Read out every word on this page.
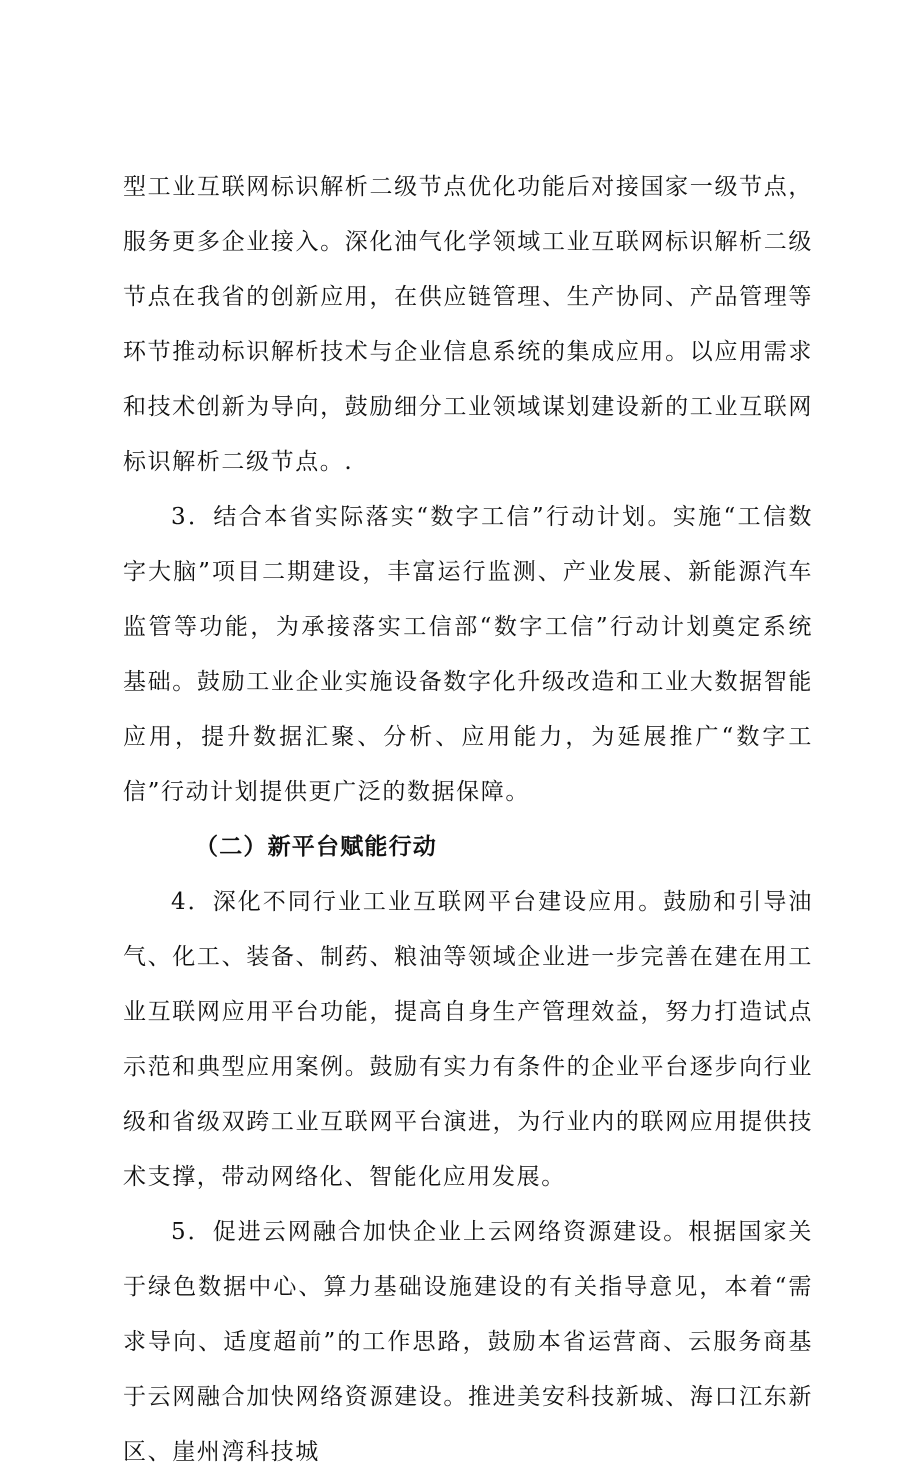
型工业互联网标识解析二级节点优化功能后对接国家一级节点，服务更多企业接入。深化油气化学领域工业互联网标识解析二级节点在我省的创新应用，在供应链管理、生产协同、产品管理等环节推动标识解析技术与企业信息系统的集成应用。以应用需求和技术创新为导向，鼓励细分工业领域谋划建设新的工业互联网标识解析二级节点。.

3．结合本省实际落实“数字工信”行动计划。实施“工信数字大脑”项目二期建设，丰富运行监测、产业发展、新能源汽车监管等功能，为承接落实工信部“数字工信”行动计划奠定系统基础。鼓励工业企业实施设备数字化升级改造和工业大数据智能应用，提升数据汇聚、分析、应用能力，为延展推广“数字工信”行动计划提供更广泛的数据保障。

（二）新平台赋能行动

4．深化不同行业工业互联网平台建设应用。鼓励和引导油气、化工、装备、制药、粮油等领域企业进一步完善在建在用工业互联网应用平台功能，提高自身生产管理效益，努力打造试点示范和典型应用案例。鼓励有实力有条件的企业平台逐步向行业级和省级双跨工业互联网平台演进，为行业内的联网应用提供技术支撑，带动网络化、智能化应用发展。

5．促进云网融合加快企业上云网络资源建设。根据国家关于绿色数据中心、算力基础设施建设的有关指导意见，本着“需求导向、适度超前”的工作思路，鼓励本省运营商、云服务商基于云网融合加快网络资源建设。推进美安科技新城、海口江东新区、崖州湾科技城
